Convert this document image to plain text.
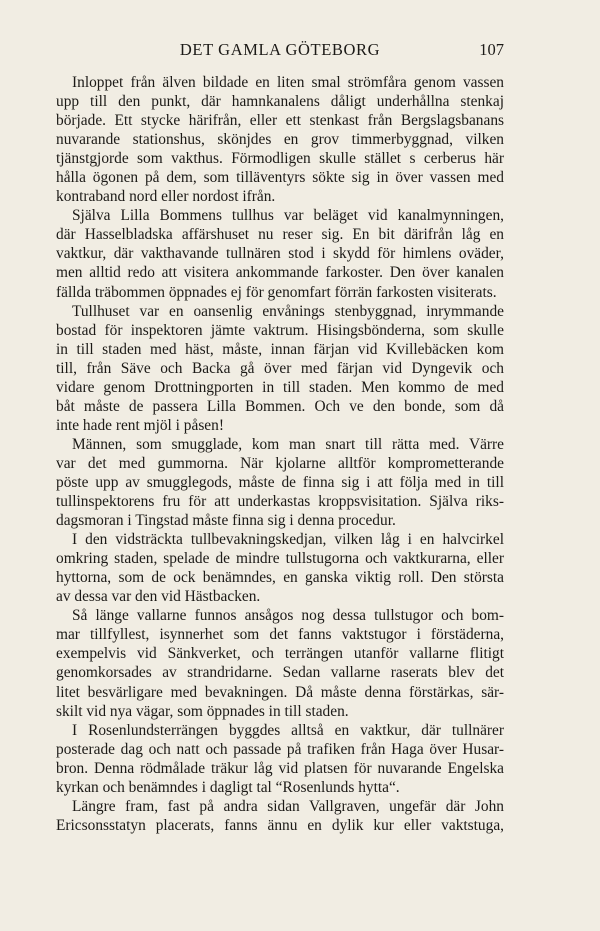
DET GAMLA GÖTEBORG	107
Inloppet från älven bildade en liten smal strömfåra genom vassen
upp till den punkt, där hamnkanalens dåligt underhållna stenkaj
började. Ett stycke härifrån, eller ett stenkast från Bergslagsbanans
nuvarande stationshus, skönjdes en grov timmerbyggnad, vilken
tjänstgjorde som vakthus. Förmodligen skulle stället s cerberus här
hålla ögonen på dem, som tilläventyrs sökte sig in över vassen med
kontraband nord eller nordost ifrån.
Själva Lilla Bommens tullhus var beläget vid kanalmynningen,
där Hasselbladska affärshuset nu reser sig. En bit därifrån låg en
vaktkur, där vakthavande tullnären stod i skydd för himlens oväder,
men alltid redo att visitera ankommande farkoster. Den över kanalen
fällda träbommen öppnades ej för genomfart förrän farkosten visiterats.
Tullhuset var en oansenlig envånings stenbyggnad, inrymmande
bostad för inspektoren jämte vaktrum. Hisingsbönderna, som skulle
in till staden med häst, måste, innan färjan vid Kvillebäcken kom
till, från Säve och Backa gå över med färjan vid Dyngevik och
vidare genom Drottningporten in till staden. Men kommo de med
båt måste de passera Lilla Bommen. Och ve den bonde, som då
inte hade rent mjöl i påsen!
Männen, som smugglade, kom man snart till rätta med. Värre
var det med gummorna. När kjolarne alltför komprometterande
pöste upp av smugglegods, måste de finna sig i att följa med in till
tullinspektorens fru för att underkastas kroppsvisitation. Själva riks-
dagsmoran i Tingstad måste finna sig i denna procedur.
I den vidsträckta tullbevakningskedjan, vilken låg i en halvcirkel
omkring staden, spelade de mindre tullstugorna och vaktkurarna, eller
hyttorna, som de ock benämndes, en ganska viktig roll. Den största
av dessa var den vid Hästbacken.
Så länge vallarne funnos ansågos nog dessa tullstugor och bom-
mar tillfyllest, isynnerhet som det fanns vaktstugor i förstäderna,
exempelvis vid Sänkverket, och terrängen utanför vallarne flitigt
genomkorsades av strandridarne. Sedan vallarne raserats blev det
litet besvärligare med bevakningen. Då måste denna förstärkas, sär-
skilt vid nya vägar, som öppnades in till staden.
I Rosenlundsterrängen byggdes alltså en vaktkur, där tullnärer
posterade dag och natt och passade på trafiken från Haga över Husar-
bron. Denna rödmålade träkur låg vid platsen för nuvarande Engelska
kyrkan och benämndes i dagligt tal “Rosenlunds hytta“.
Längre fram, fast på andra sidan Vallgraven, ungefär där John
Ericsonsstatyn placerats, fanns ännu en dylik kur eller vaktstuga,
